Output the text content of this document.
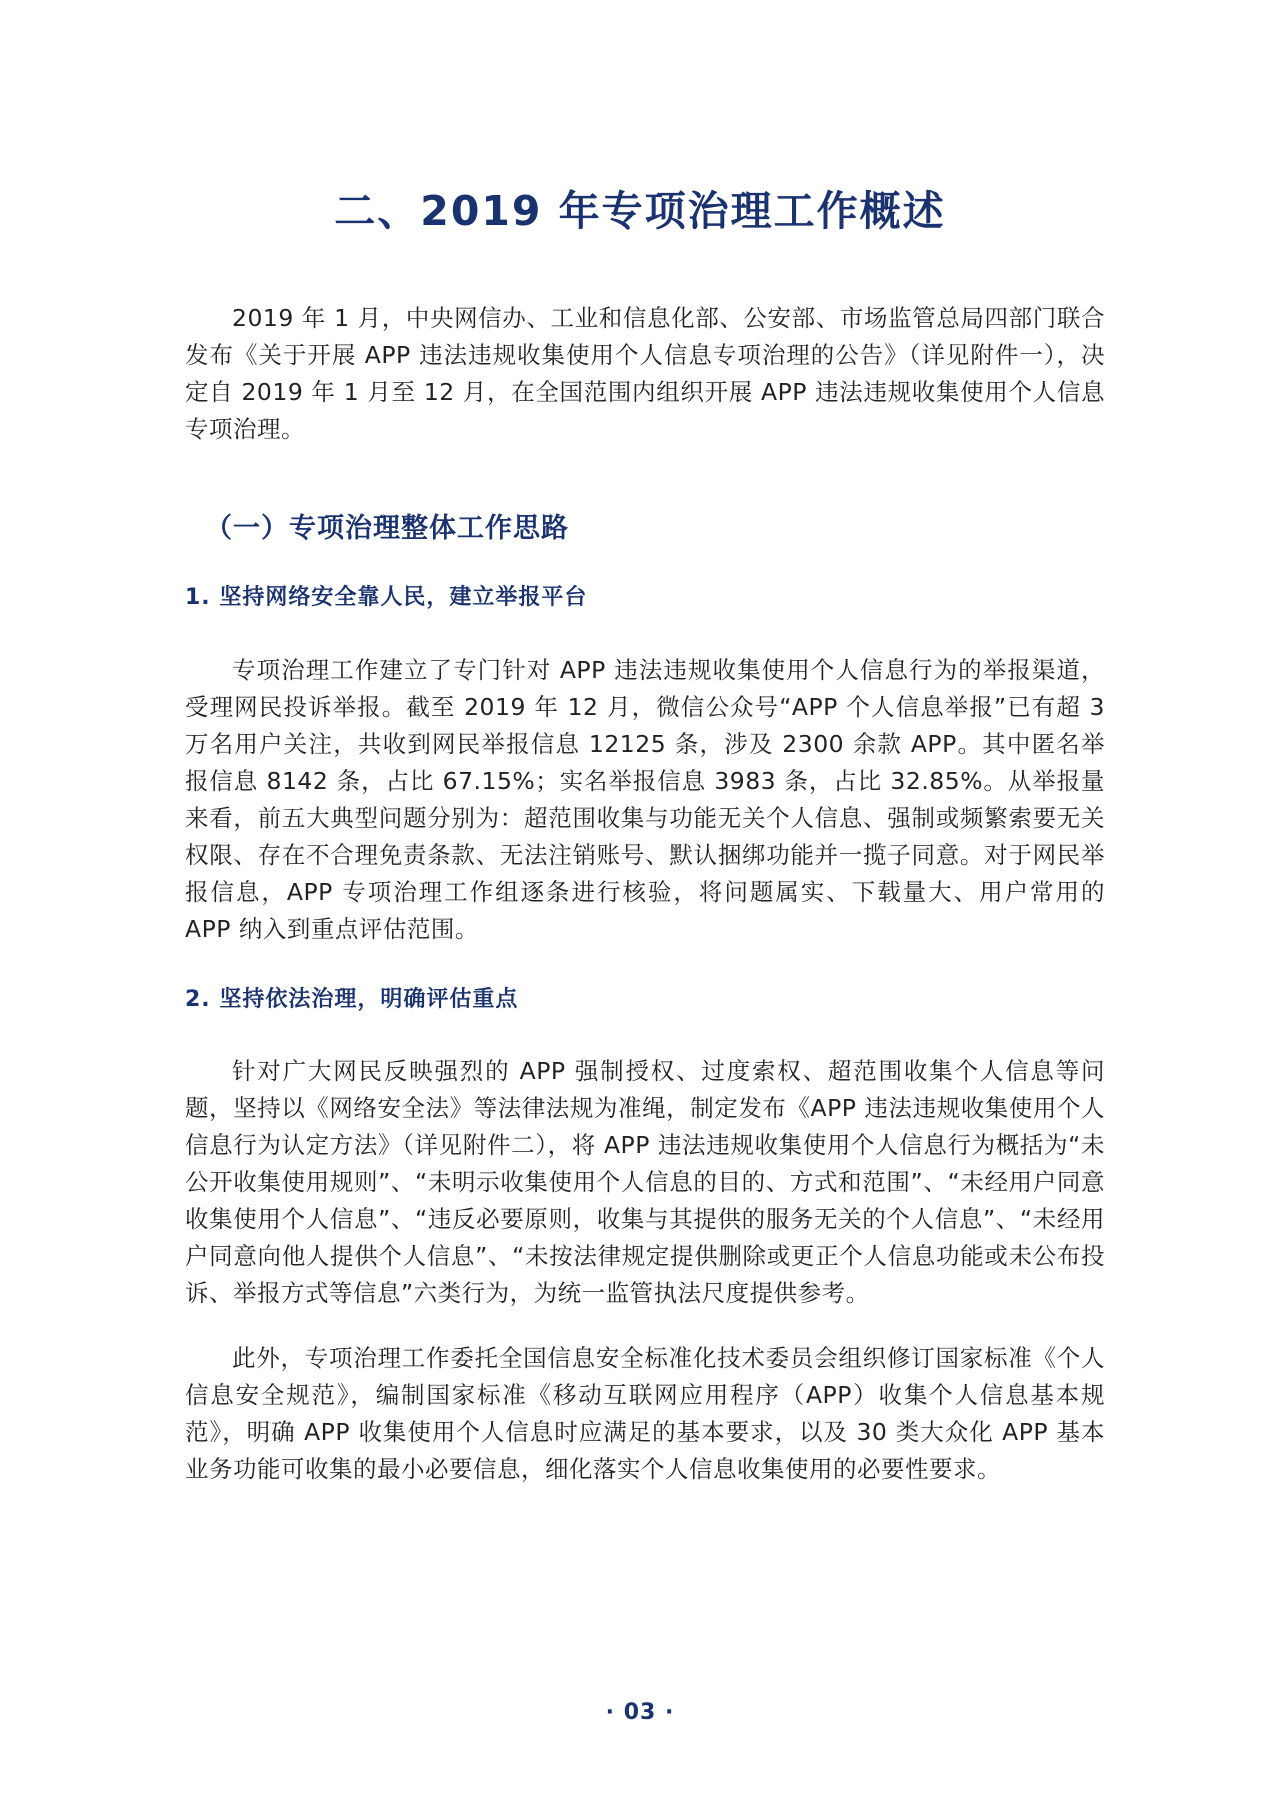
二、2019 年专项治理工作概述

2019 年 1 月，中央网信办、工业和信息化部、公安部、市场监管总局四部门联合发布《关于开展 APP 违法违规收集使用个人信息专项治理的公告》（详见附件一），决定自 2019 年 1 月至 12 月，在全国范围内组织开展 APP 违法违规收集使用个人信息专项治理。

（一）专项治理整体工作思路
1. 坚持网络安全靠人民，建立举报平台

专项治理工作建立了专门针对 APP 违法违规收集使用个人信息行为的举报渠道，受理网民投诉举报。截至 2019 年 12 月，微信公众号“APP 个人信息举报”已有超 3 万名用户关注，共收到网民举报信息 12125 条，涉及 2300 余款 APP。其中匿名举报信息 8142 条，占比 67.15%；实名举报信息 3983 条，占比 32.85%。从举报量来看，前五大典型问题分别为：超范围收集与功能无关个人信息、强制或频繁索要无关权限、存在不合理免责条款、无法注销账号、默认捆绑功能并一揽子同意。对于网民举报信息，APP 专项治理工作组逐条进行核验，将问题属实、下载量大、用户常用的 APP 纳入到重点评估范围。

2. 坚持依法治理，明确评估重点

针对广大网民反映强烈的 APP 强制授权、过度索权、超范围收集个人信息等问题，坚持以《网络安全法》等法律法规为准绳，制定发布《APP 违法违规收集使用个人信息行为认定方法》（详见附件二），将 APP 违法违规收集使用个人信息行为概括为“未公开收集使用规则”、“未明示收集使用个人信息的目的、方式和范围”、“未经用户同意收集使用个人信息”、“违反必要原则，收集与其提供的服务无关的个人信息”、“未经用户同意向他人提供个人信息”、“未按法律规定提供删除或更正个人信息功能或未公布投诉、举报方式等信息”六类行为，为统一监管执法尺度提供参考。

此外，专项治理工作委托全国信息安全标准化技术委员会组织修订国家标准《个人信息安全规范》，编制国家标准《移动互联网应用程序（APP）收集个人信息基本规范》，明确 APP 收集使用个人信息时应满足的基本要求，以及 30 类大众化 APP 基本业务功能可收集的最小必要信息，细化落实个人信息收集使用的必要性要求。

· 03 ·
